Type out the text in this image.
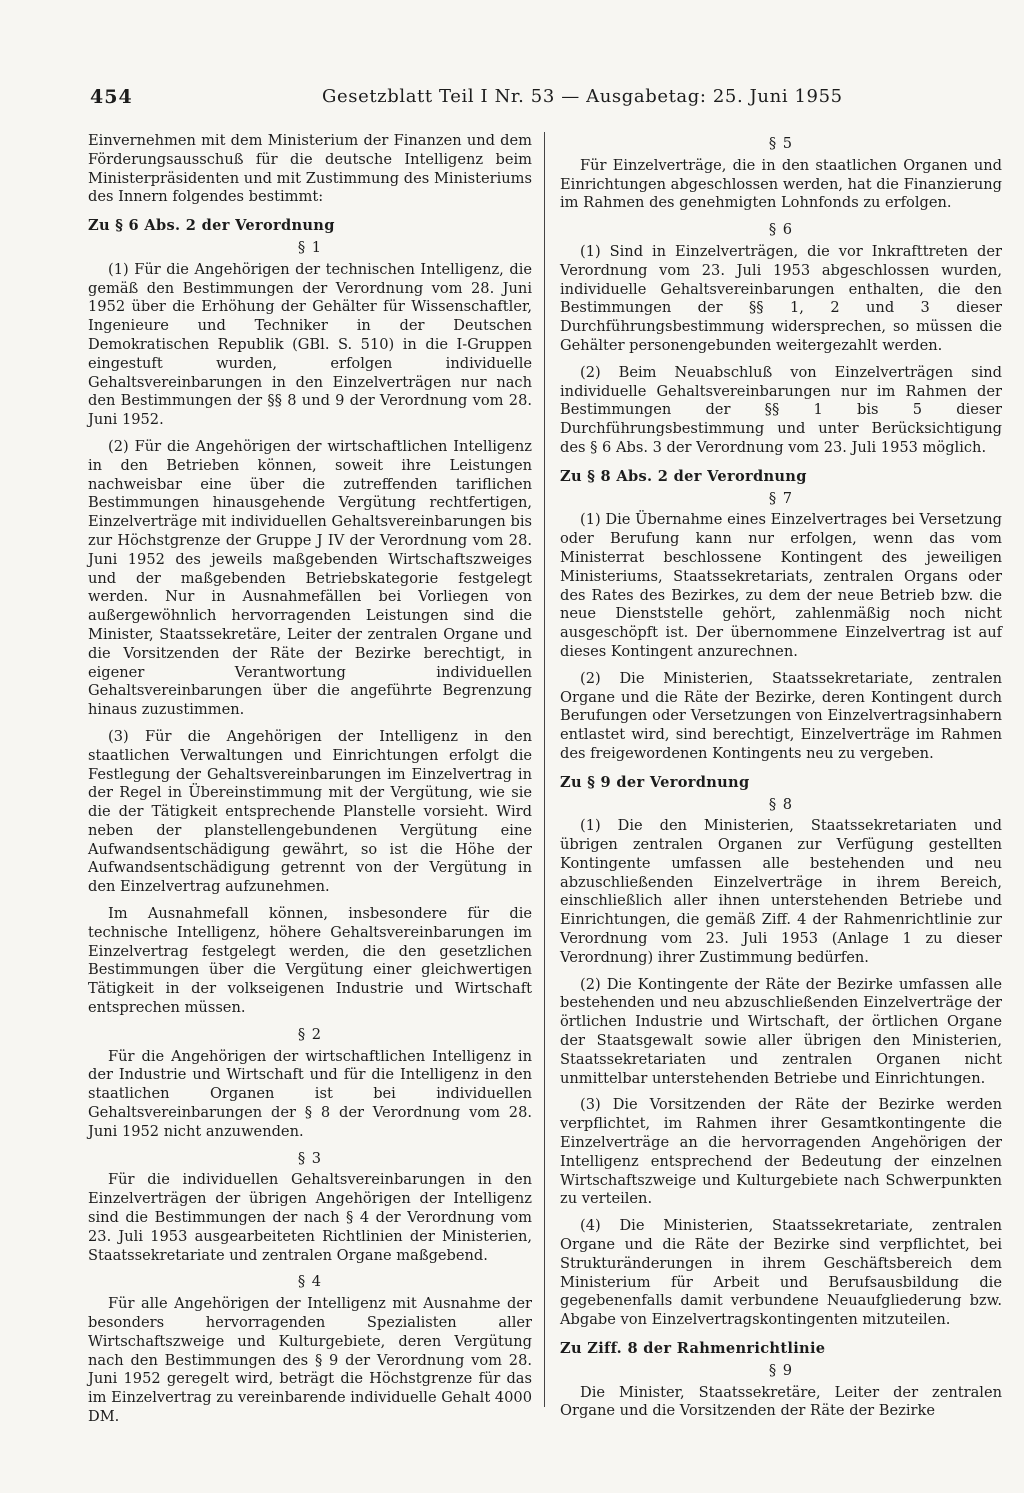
454	Gesetzblatt Teil I Nr. 53 — Ausgabetag: 25. Juni 1955

Einvernehmen mit dem Ministerium der Finanzen und dem Förderungsausschuß für die deutsche Intelligenz beim Ministerpräsidenten und mit Zustimmung des Ministeriums des Innern folgendes bestimmt:

Zu § 6 Abs. 2 der Verordnung
§ 1

(1) Für die Angehörigen der technischen Intelligenz, die gemäß den Bestimmungen der Verordnung vom 28. Juni 1952 über die Erhöhung der Gehälter für Wissenschaftler, Ingenieure und Techniker in der Deutschen Demokratischen Republik (GBl. S. 510) in die I-Gruppen eingestuft wurden, erfolgen individuelle Gehaltsvereinbarungen in den Einzelverträgen nur nach den Bestimmungen der §§ 8 und 9 der Verordnung vom 28. Juni 1952.

(2) Für die Angehörigen der wirtschaftlichen Intelligenz in den Betrieben können, soweit ihre Leistungen nachweisbar eine über die zutreffenden tariflichen Bestimmungen hinausgehende Vergütung rechtfertigen, Einzelverträge mit individuellen Gehaltsvereinbarungen bis zur Höchstgrenze der Gruppe J IV der Verordnung vom 28. Juni 1952 des jeweils maßgebenden Wirtschaftszweiges und der maßgebenden Betriebskategorie festgelegt werden. Nur in Ausnahmefällen bei Vorliegen von außergewöhnlich hervorragenden Leistungen sind die Minister, Staatssekretäre, Leiter der zentralen Organe und die Vorsitzenden der Räte der Bezirke berechtigt, in eigener Verantwortung individuellen Gehaltsvereinbarungen über die angeführte Begrenzung hinaus zuzustimmen.

(3) Für die Angehörigen der Intelligenz in den staatlichen Verwaltungen und Einrichtungen erfolgt die Festlegung der Gehaltsvereinbarungen im Einzelvertrag in der Regel in Übereinstimmung mit der Vergütung, wie sie die der Tätigkeit entsprechende Planstelle vorsieht. Wird neben der planstellengebundenen Vergütung eine Aufwandsentschädigung gewährt, so ist die Höhe der Aufwandsentschädigung getrennt von der Vergütung in den Einzelvertrag aufzunehmen.

Im Ausnahmefall können, insbesondere für die technische Intelligenz, höhere Gehaltsvereinbarungen im Einzelvertrag festgelegt werden, die den gesetzlichen Bestimmungen über die Vergütung einer gleichwertigen Tätigkeit in der volkseigenen Industrie und Wirtschaft entsprechen müssen.

§ 2

Für die Angehörigen der wirtschaftlichen Intelligenz in der Industrie und Wirtschaft und für die Intelligenz in den staatlichen Organen ist bei individuellen Gehaltsvereinbarungen der § 8 der Verordnung vom 28. Juni 1952 nicht anzuwenden.

§ 3

Für die individuellen Gehaltsvereinbarungen in den Einzelverträgen der übrigen Angehörigen der Intelligenz sind die Bestimmungen der nach § 4 der Verordnung vom 23. Juli 1953 ausgearbeiteten Richtlinien der Ministerien, Staatssekretariate und zentralen Organe maßgebend.

§ 4

Für alle Angehörigen der Intelligenz mit Ausnahme der besonders hervorragenden Spezialisten aller Wirtschaftszweige und Kulturgebiete, deren Vergütung nach den Bestimmungen des § 9 der Verordnung vom 28. Juni 1952 geregelt wird, beträgt die Höchstgrenze für das im Einzelvertrag zu vereinbarende individuelle Gehalt 4000 DM.

§ 5

Für Einzelverträge, die in den staatlichen Organen und Einrichtungen abgeschlossen werden, hat die Finanzierung im Rahmen des genehmigten Lohnfonds zu erfolgen.

§ 6

(1) Sind in Einzelverträgen, die vor Inkrafttreten der Verordnung vom 23. Juli 1953 abgeschlossen wurden, individuelle Gehaltsvereinbarungen enthalten, die den Bestimmungen der §§ 1, 2 und 3 dieser Durchführungsbestimmung widersprechen, so müssen die Gehälter personengebunden weitergezahlt werden.

(2) Beim Neuabschluß von Einzelverträgen sind individuelle Gehaltsvereinbarungen nur im Rahmen der Bestimmungen der §§ 1 bis 5 dieser Durchführungsbestimmung und unter Berücksichtigung des § 6 Abs. 3 der Verordnung vom 23. Juli 1953 möglich.

Zu § 8 Abs. 2 der Verordnung
§ 7

(1) Die Übernahme eines Einzelvertrages bei Versetzung oder Berufung kann nur erfolgen, wenn das vom Ministerrat beschlossene Kontingent des jeweiligen Ministeriums, Staatssekretariats, zentralen Organs oder des Rates des Bezirkes, zu dem der neue Betrieb bzw. die neue Dienststelle gehört, zahlenmäßig noch nicht ausgeschöpft ist. Der übernommene Einzelvertrag ist auf dieses Kontingent anzurechnen.

(2) Die Ministerien, Staatssekretariate, zentralen Organe und die Räte der Bezirke, deren Kontingent durch Berufungen oder Versetzungen von Einzelvertragsinhabern entlastet wird, sind berechtigt, Einzelverträge im Rahmen des freigewordenen Kontingents neu zu vergeben.

Zu § 9 der Verordnung
§ 8

(1) Die den Ministerien, Staatssekretariaten und übrigen zentralen Organen zur Verfügung gestellten Kontingente umfassen alle bestehenden und neu abzuschließenden Einzelverträge in ihrem Bereich, einschließlich aller ihnen unterstehenden Betriebe und Einrichtungen, die gemäß Ziff. 4 der Rahmenrichtlinie zur Verordnung vom 23. Juli 1953 (Anlage 1 zu dieser Verordnung) ihrer Zustimmung bedürfen.

(2) Die Kontingente der Räte der Bezirke umfassen alle bestehenden und neu abzuschließenden Einzelverträge der örtlichen Industrie und Wirtschaft, der örtlichen Organe der Staatsgewalt sowie aller übrigen den Ministerien, Staatssekretariaten und zentralen Organen nicht unmittelbar unterstehenden Betriebe und Einrichtungen.

(3) Die Vorsitzenden der Räte der Bezirke werden verpflichtet, im Rahmen ihrer Gesamtkontingente die Einzelverträge an die hervorragenden Angehörigen der Intelligenz entsprechend der Bedeutung der einzelnen Wirtschaftszweige und Kulturgebiete nach Schwerpunkten zu verteilen.

(4) Die Ministerien, Staatssekretariate, zentralen Organe und die Räte der Bezirke sind verpflichtet, bei Strukturänderungen in ihrem Geschäftsbereich dem Ministerium für Arbeit und Berufsausbildung die gegebenenfalls damit verbundene Neuaufgliederung bzw. Abgabe von Einzelvertragskontingenten mitzuteilen.

Zu Ziff. 8 der Rahmenrichtlinie
§ 9

Die Minister, Staatssekretäre, Leiter der zentralen Organe und die Vorsitzenden der Räte der Bezirke
